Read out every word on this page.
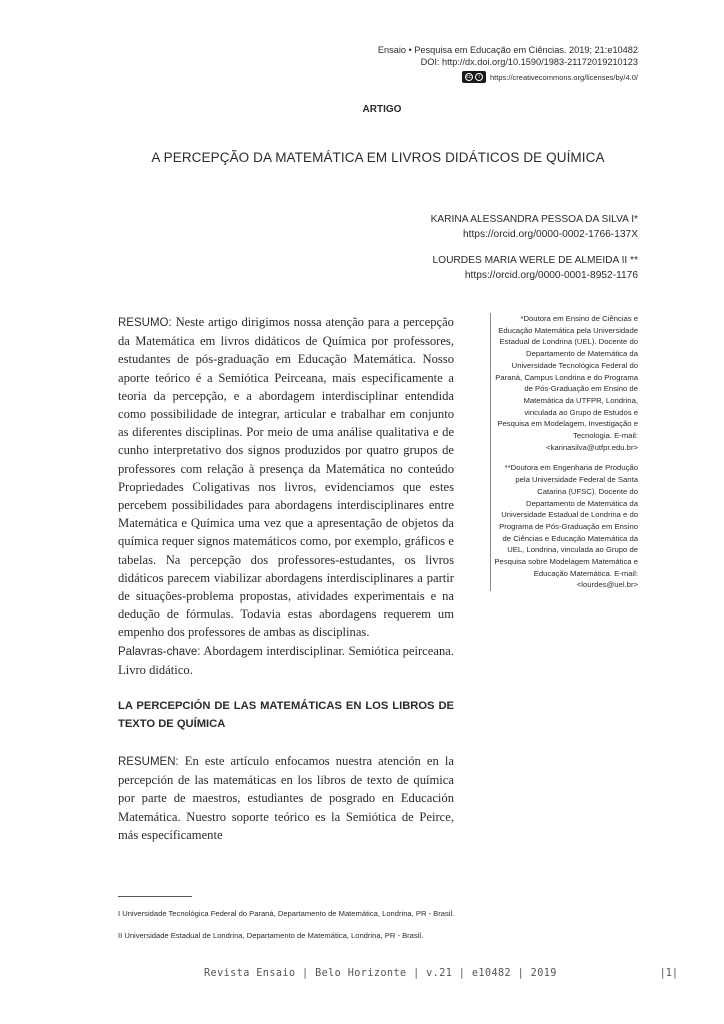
Ensaio • Pesquisa em Educação em Ciências. 2019; 21:e10482
DOI: http://dx.doi.org/10.1590/1983-21172019210123
cc	i	https://creativecommons.org/licenses/by/4.0/
ARTIGO
A PERCEPÇÃO DA MATEMÁTICA EM LIVROS DIDÁTICOS DE QUÍMICA
KARINA ALESSANDRA PESSOA DA SILVA I*
https://orcid.org/0000-0002-1766-137X
LOURDES MARIA WERLE DE ALMEIDA II **
https://orcid.org/0000-0001-8952-1176
RESUMO: Neste artigo dirigimos nossa atenção para a percepção da Matemática em livros didáticos de Química por professores, estudantes de pós-graduação em Educação Matemática. Nosso aporte teórico é a Semiótica Peirceana, mais especificamente a teoria da percepção, e a abordagem interdisciplinar entendida como possibilidade de integrar, articular e trabalhar em conjunto as diferentes disciplinas. Por meio de uma análise qualitativa e de cunho interpretativo dos signos produzidos por quatro grupos de professores com relação à presença da Matemática no conteúdo Propriedades Coligativas nos livros, evidenciamos que estes percebem possibilidades para abordagens interdisciplinares entre Matemática e Química uma vez que a apresentação de objetos da química requer signos matemáticos como, por exemplo, gráficos e tabelas. Na percepção dos professores-estudantes, os livros didáticos parecem viabilizar abordagens interdisciplinares a partir de situações-problema propostas, atividades experimentais e na dedução de fórmulas. Todavia estas abordagens requerem um empenho dos professores de ambas as disciplinas.
Palavras-chave: Abordagem interdisciplinar. Semiótica peirceana. Livro didático.
LA PERCEPCIÓN DE LAS MATEMÁTICAS EN LOS LIBROS DE TEXTO DE QUÍMICA
RESUMEN: En este artículo enfocamos nuestra atención en la percepción de las matemáticas en los libros de texto de química por parte de maestros, estudiantes de posgrado en Educación Matemática. Nuestro soporte teórico es la Semiótica de Peirce, más específicamente

*Doutora em Ensino de Ciências e Educação Matemática pela Universidade Estadual de Londrina (UEL). Docente do Departamento de Matemática da Universidade Tecnológica Federal do Paraná, Campus Londrina e do Programa de Pós-Graduação em Ensino de Matemática da UTFPR, Londrina, vinculada ao Grupo de Estudos e Pesquisa em Modelagem, Investigação e Tecnologia. E-mail: <karinasilva@utfpr.edu.br>

**Doutora em Engenharia de Produção pela Universidade Federal de Santa Catarina (UFSC). Docente do Departamento de Matemática da Universidade Estadual de Londrina e do Programa de Pós-Graduação em Ensino de Ciências e Educação Matemática da UEL, Londrina, vinculada ao Grupo de Pesquisa sobre Modelagem Matemática e Educação Matemática. E-mail: <lourdes@uel.br>

I Universidade Tecnológica Federal do Paraná, Departamento de Matemática, Londrina, PR - Brasil.

II Universidade Estadual de Londrina, Departamento de Matemática, Londrina, PR - Brasil.

Revista Ensaio | Belo Horizonte | v.21 | e10482 | 2019	|1|
